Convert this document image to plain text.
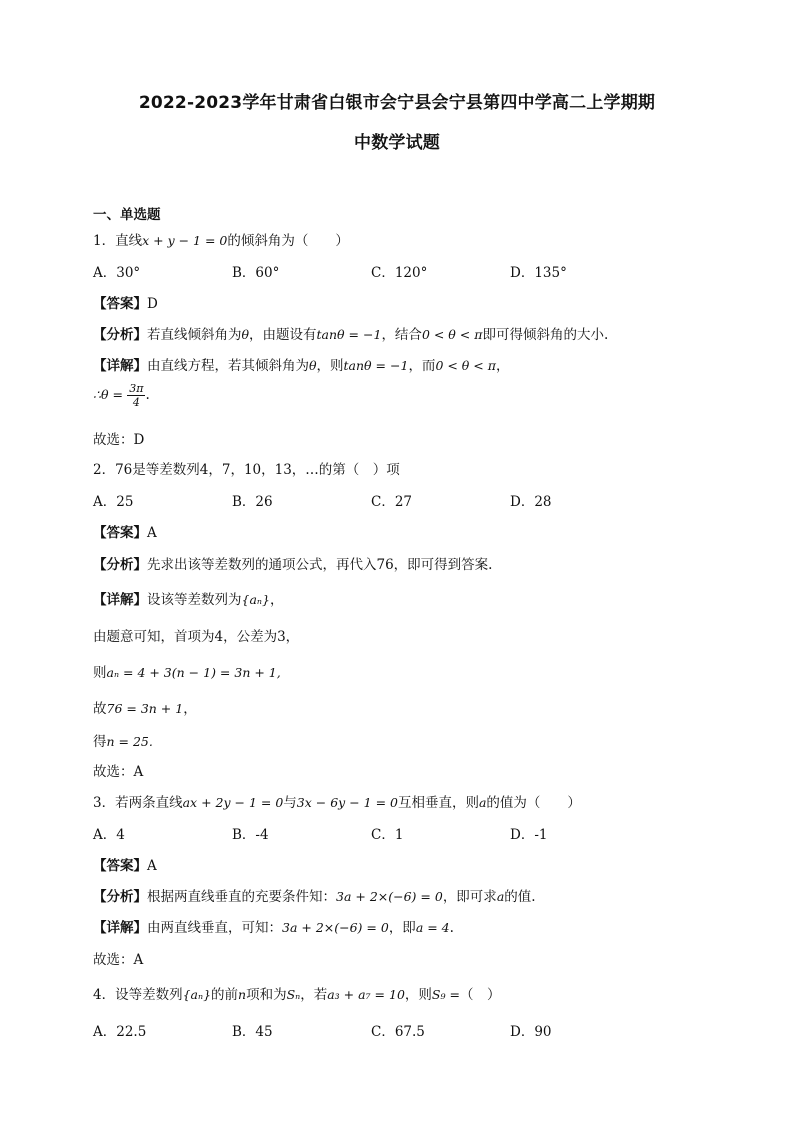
2022-2023学年甘肃省白银市会宁县会宁县第四中学高二上学期期
中数学试题
一、单选题
1．直线x + y − 1 = 0的倾斜角为（　　）
A．30°	B．60°	C．120°	D．135°
【答案】D
【分析】若直线倾斜角为θ，由题设有tanθ = −1，结合0 < θ < π即可得倾斜角的大小.
【详解】由直线方程，若其倾斜角为θ，则tanθ = −1，而0 < θ < π，
∴θ = $\frac{3\pi}{4}$ .
故选：D
2．76是等差数列4，7，10，13，…的第（　）项
A．25	B．26	C．27	D．28
【答案】A
【分析】先求出该等差数列的通项公式，再代入76，即可得到答案.
【详解】设该等差数列为{aₙ}，
由题意可知，首项为4，公差为3，
则aₙ = 4 + 3(n − 1) = 3n + 1,
故76 = 3n + 1，
得n = 25.
故选：A
3．若两条直线ax + 2y − 1 = 0与3x − 6y − 1 = 0互相垂直，则a的值为（　　）
A．4	B．-4	C．1	D．-1
【答案】A
【分析】根据两直线垂直的充要条件知：3a + 2×(−6) = 0，即可求a的值.
【详解】由两直线垂直，可知：3a + 2×(−6) = 0，即a = 4.
故选：A
4．设等差数列{aₙ}的前n项和为Sₙ，若a₃ + a₇ = 10，则S₉ =（　）
A．22.5	B．45	C．67.5	D．90
